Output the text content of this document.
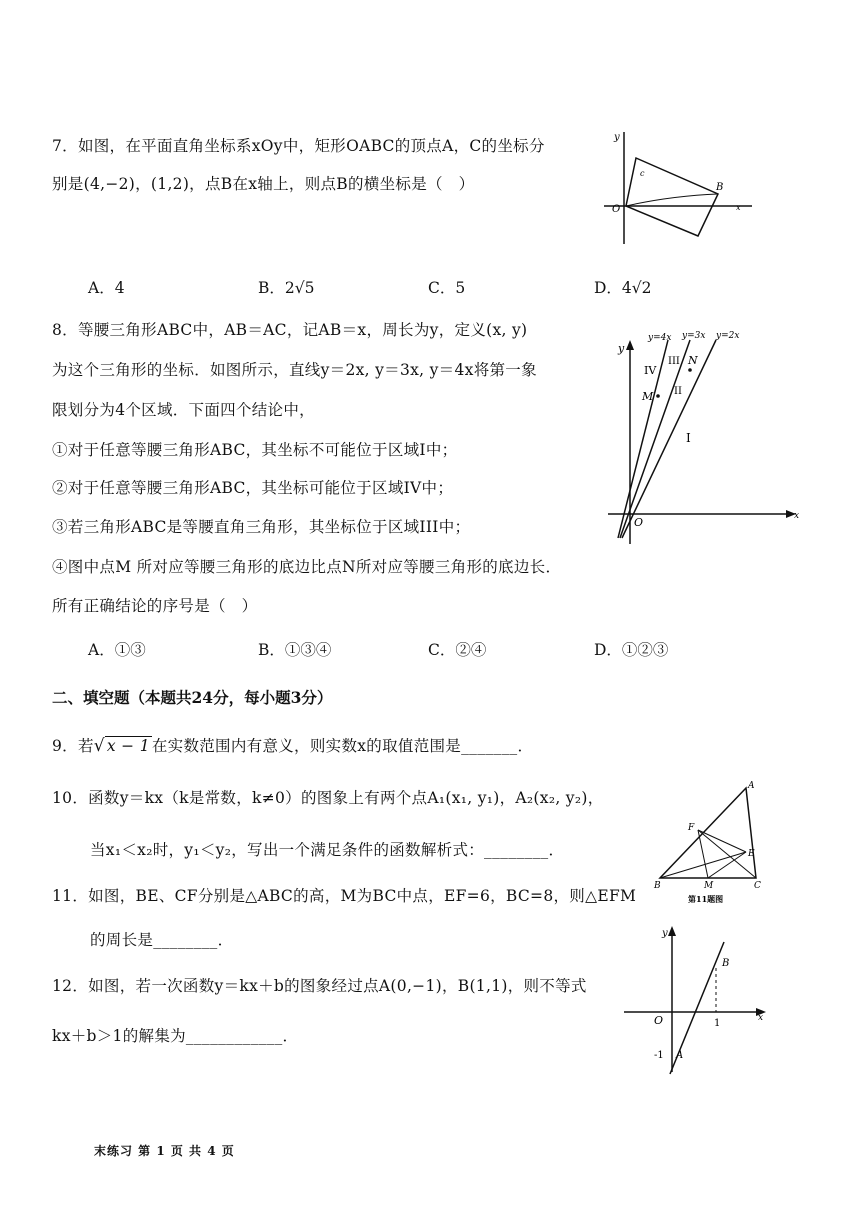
7．如图，在平面直角坐标系xOy中，矩形OABC的顶点A，C的坐标分
别是(4,−2)，(1,2)，点B在x轴上，则点B的横坐标是（　）
y
c
B
O	x
A．4	B．2√5	C．5	D．4√2
8．等腰三角形ABC中，AB＝AC，记AB＝x，周长为y，定义(x, y)
为这个三角形的坐标．如图所示，直线y＝2x, y＝3x, y＝4x将第一象
限划分为4个区域．下面四个结论中，
①对于任意等腰三角形ABC，其坐标不可能位于区域I中；
②对于任意等腰三角形ABC，其坐标可能位于区域IV中；
③若三角形ABC是等腰直角三角形，其坐标位于区域III中；
④图中点M 所对应等腰三角形的底边比点N所对应等腰三角形的底边长．
所有正确结论的序号是（　）
y=4x y=3x y=2x
y
x
O
IV
III
II
I
M
N
A．①③	B．①③④	C．②④	D．①②③
二、填空题（本题共24分，每小题3分）
9．若√ x − 1 在实数范围内有意义，则实数x的取值范围是_______．
10．函数y＝kx（k是常数，k≠0）的图象上有两个点A₁(x₁, y₁)，A₂(x₂, y₂)，
当x₁＜x₂时，y₁＜y₂，写出一个满足条件的函数解析式：________．
A
F
E
B	M	C
第11题图
11．如图，BE、CF分别是△ABC的高，M为BC中点，EF=6，BC=8，则△EFM
的周长是________．
12．如图，若一次函数y＝kx＋b的图象经过点A(0,−1)，B(1,1)，则不等式
kx＋b＞1的解集为____________．
y
B
O	1	x
-1 A
末练习 第 1 页 共 4 页
